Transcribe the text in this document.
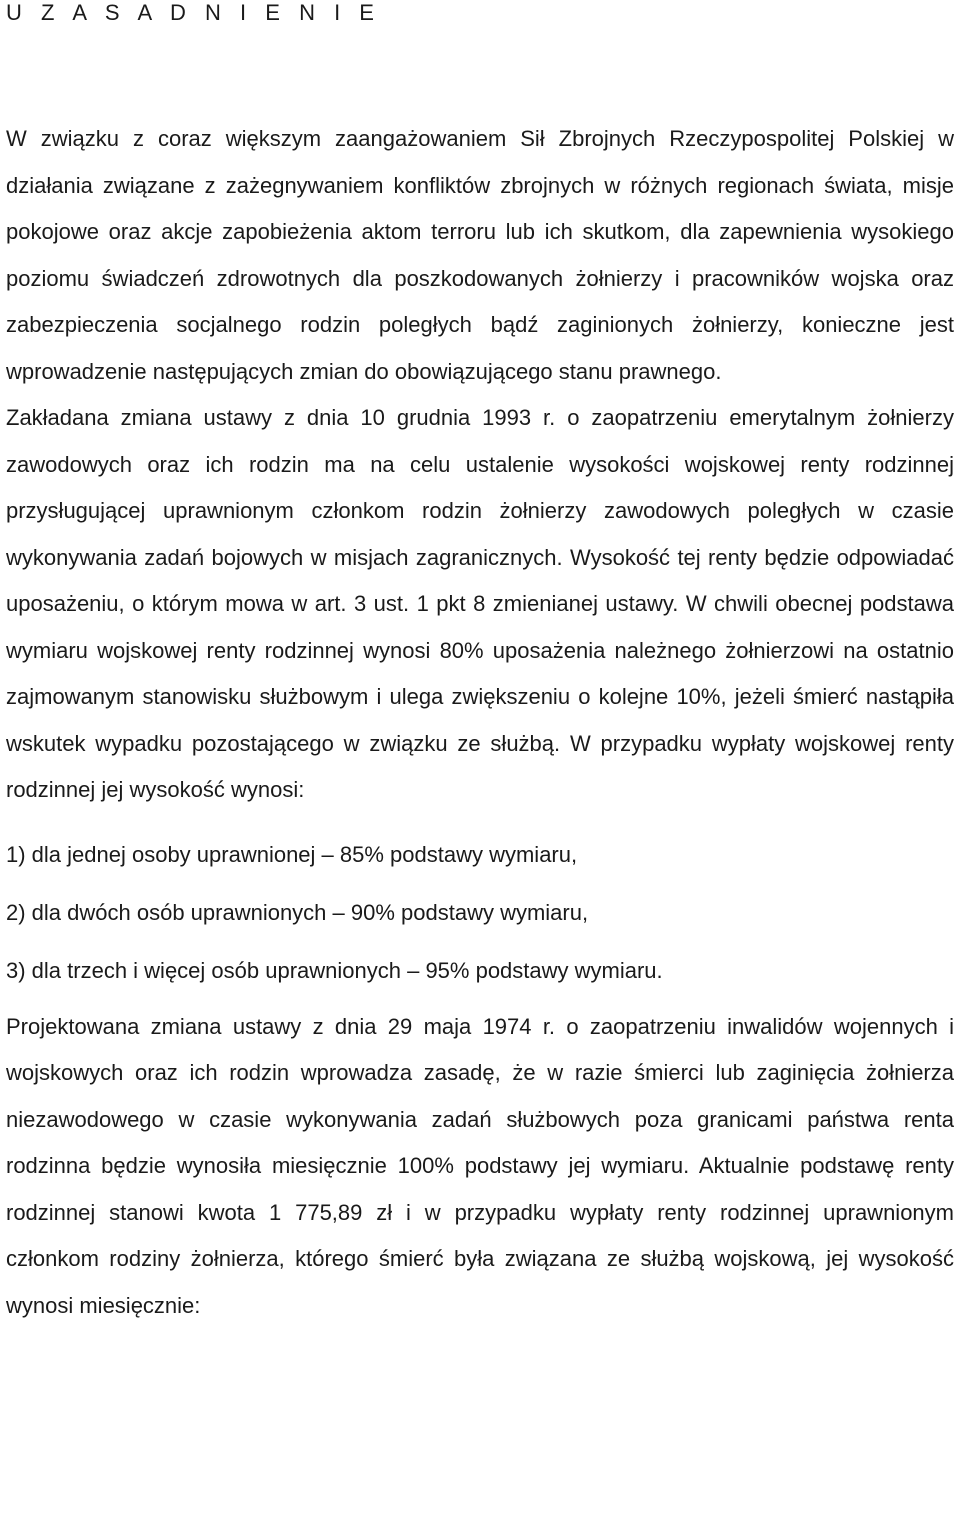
U Z A S A D N I E N I E

W związku z coraz większym zaangażowaniem Sił Zbrojnych Rzeczypospolitej Polskiej w działania związane z zażegnywaniem konfliktów zbrojnych w różnych regionach świata, misje pokojowe oraz akcje zapobieżenia aktom terroru lub ich skutkom, dla zapewnienia wysokiego poziomu świadczeń zdrowotnych dla poszkodowanych żołnierzy i pracowników wojska oraz zabezpieczenia socjalnego rodzin poległych bądź zaginionych żołnierzy, konieczne jest wprowadzenie następujących zmian do obowiązującego stanu prawnego.

Zakładana zmiana ustawy z dnia 10 grudnia 1993 r. o zaopatrzeniu emerytalnym żołnierzy zawodowych oraz ich rodzin ma na celu ustalenie wysokości wojskowej renty rodzinnej przysługującej uprawnionym członkom rodzin żołnierzy zawodowych poległych w czasie wykonywania zadań bojowych w misjach zagranicznych. Wysokość tej renty będzie odpowiadać uposażeniu, o którym mowa w art. 3 ust. 1 pkt 8 zmienianej ustawy. W chwili obecnej podstawa wymiaru wojskowej renty rodzinnej wynosi 80% uposażenia należnego żołnierzowi na ostatnio zajmowanym stanowisku służbowym i ulega zwiększeniu o kolejne 10%, jeżeli śmierć nastąpiła wskutek wypadku pozostającego w związku ze służbą. W przypadku wypłaty wojskowej renty rodzinnej jej wysokość wynosi:

1) dla jednej osoby uprawnionej – 85% podstawy wymiaru,
2) dla dwóch osób uprawnionych – 90% podstawy wymiaru,
3) dla trzech i więcej osób uprawnionych – 95% podstawy wymiaru.

Projektowana zmiana ustawy z dnia 29 maja 1974 r. o zaopatrzeniu inwalidów wojennych i wojskowych oraz ich rodzin wprowadza zasadę, że w razie śmierci lub zaginięcia żołnierza niezawodowego w czasie wykonywania zadań służbowych poza granicami państwa renta rodzinna będzie wynosiła miesięcznie 100% podstawy jej wymiaru. Aktualnie podstawę renty rodzinnej stanowi kwota 1 775,89 zł i w przypadku wypłaty renty rodzinnej uprawnionym członkom rodziny żołnierza, którego śmierć była związana ze służbą wojskową, jej wysokość wynosi miesięcznie:
